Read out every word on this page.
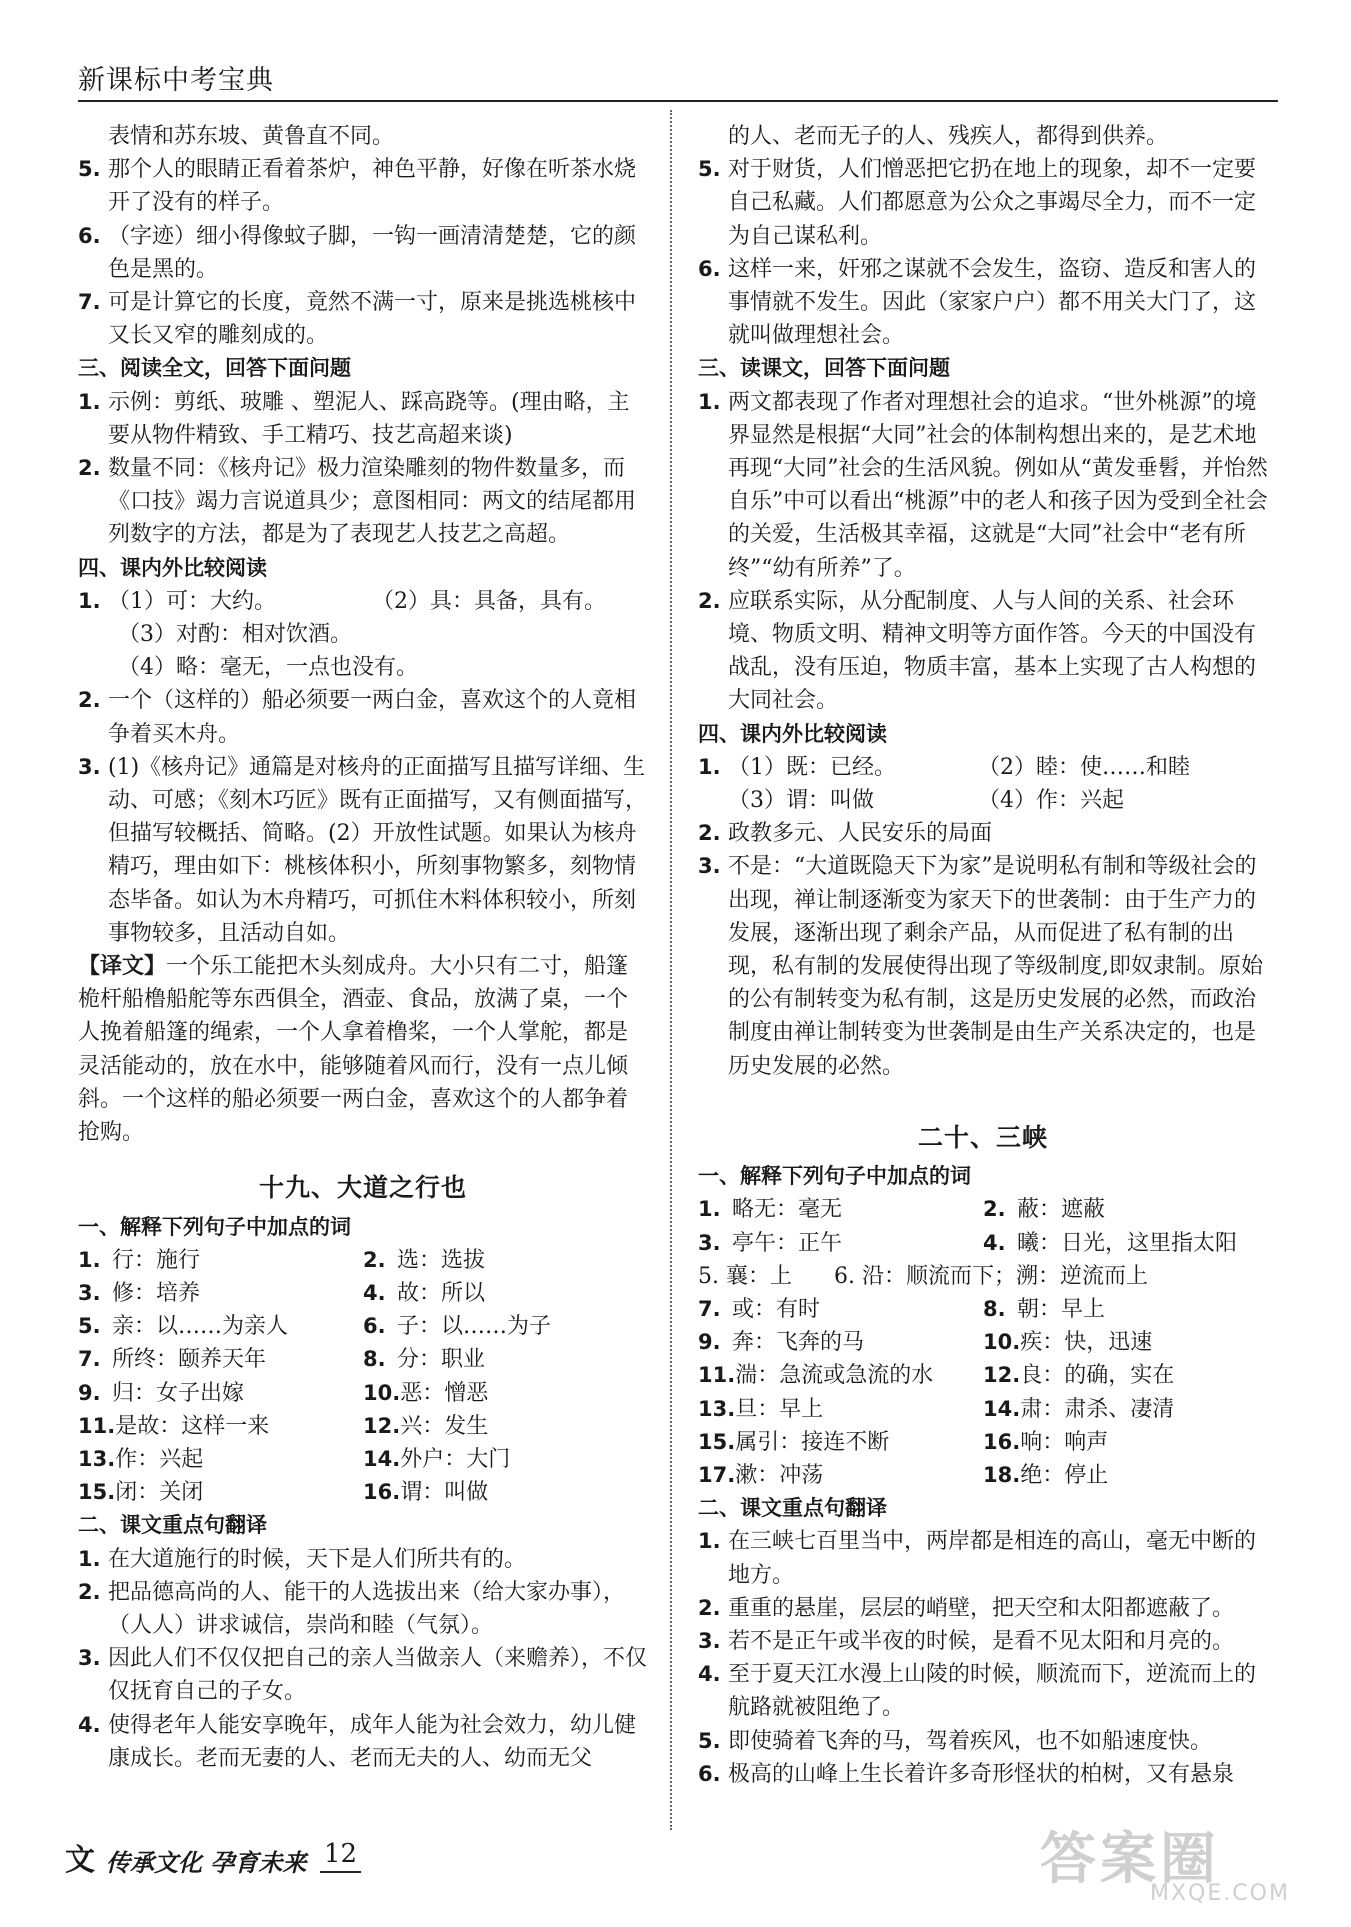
新课标中考宝典
表情和苏东坡、黄鲁直不同。
5. 那个人的眼睛正看着茶炉，神色平静，好像在听茶水烧开了没有的样子。
6. （字迹）细小得像蚊子脚，一钩一画清清楚楚，它的颜色是黑的。
7. 可是计算它的长度，竟然不满一寸，原来是挑选桃核中又长又窄的雕刻成的。
三、阅读全文，回答下面问题
1. 示例：剪纸、玻雕 、塑泥人、踩高跷等。(理由略，主要从物件精致、手工精巧、技艺高超来谈)
2. 数量不同：《核舟记》极力渲染雕刻的物件数量多，而《口技》竭力言说道具少；意图相同：两文的结尾都用列数字的方法，都是为了表现艺人技艺之高超。
四、课内外比较阅读
1. （1）可：大约。	（2）具：具备，具有。
（3）对酌：相对饮酒。
（4）略：毫无，一点也没有。
2. 一个（这样的）船必须要一两白金，喜欢这个的人竟相争着买木舟。
3. (1)《核舟记》通篇是对核舟的正面描写且描写详细、生动、可感；《刻木巧匠》既有正面描写，又有侧面描写，但描写较概括、简略。(2）开放性试题。如果认为核舟精巧，理由如下：桃核体积小，所刻事物繁多，刻物情态毕备。如认为木舟精巧，可抓住木料体积较小，所刻事物较多，且活动自如。
【译文】一个乐工能把木头刻成舟。大小只有二寸，船篷桅杆船橹船舵等东西俱全，酒壶、食品，放满了桌，一个人挽着船篷的绳索，一个人拿着橹桨，一个人掌舵，都是灵活能动的，放在水中，能够随着风而行，没有一点儿倾斜。一个这样的船必须要一两白金，喜欢这个的人都争着抢购。
十九、大道之行也
一、解释下列句子中加点的词
1. 行：施行	2. 选：选拔
3. 修：培养	4. 故：所以
5. 亲：以……为亲人	6. 子：以……为子
7. 所终：颐养天年	8. 分：职业
9. 归：女子出嫁	10. 恶：憎恶
11. 是故：这样一来	12. 兴：发生
13. 作：兴起	14. 外户：大门
15. 闭：关闭	16. 谓：叫做
二、课文重点句翻译
1. 在大道施行的时候，天下是人们所共有的。
2. 把品德高尚的人、能干的人选拔出来（给大家办事），（人人）讲求诚信，崇尚和睦（气氛）。
3. 因此人们不仅仅把自己的亲人当做亲人（来赡养），不仅仅抚育自己的子女。
4. 使得老年人能安享晚年，成年人能为社会效力，幼儿健康成长。老而无妻的人、老而无夫的人、幼而无父
的人、老而无子的人、残疾人，都得到供养。
5. 对于财货，人们憎恶把它扔在地上的现象，却不一定要自己私藏。人们都愿意为公众之事竭尽全力，而不一定为自己谋私利。
6. 这样一来，奸邪之谋就不会发生，盗窃、造反和害人的事情就不发生。因此（家家户户）都不用关大门了，这就叫做理想社会。
三、读课文，回答下面问题
1. 两文都表现了作者对理想社会的追求。“世外桃源”的境界显然是根据“大同”社会的体制构想出来的，是艺术地再现“大同”社会的生活风貌。例如从“黄发垂髫，并怡然自乐”中可以看出“桃源”中的老人和孩子因为受到全社会的关爱，生活极其幸福，这就是“大同”社会中“老有所终”“幼有所养”了。
2. 应联系实际，从分配制度、人与人间的关系、社会环境、物质文明、精神文明等方面作答。今天的中国没有战乱，没有压迫，物质丰富，基本上实现了古人构想的大同社会。
四、课内外比较阅读
1. （1）既：已经。	（2）睦：使……和睦
（3）谓：叫做	（4）作：兴起
2. 政教多元、人民安乐的局面
3. 不是：“大道既隐天下为家”是说明私有制和等级社会的出现，禅让制逐渐变为家天下的世袭制：由于生产力的发展，逐渐出现了剩余产品，从而促进了私有制的出现，私有制的发展使得出现了等级制度,即奴隶制。原始的公有制转变为私有制，这是历史发展的必然，而政治制度由禅让制转变为世袭制是由生产关系决定的，也是历史发展的必然。
二十、三峡
一、解释下列句子中加点的词
1. 略无：毫无	2. 蔽：遮蔽
3. 亭午：正午	4. 曦：日光，这里指太阳
5. 襄：上	6. 沿：顺流而下；溯：逆流而上
7. 或：有时	8. 朝：早上
9. 奔：飞奔的马	10. 疾：快，迅速
11. 湍：急流或急流的水 12. 良：的确，实在
13. 旦：早上	14. 肃：肃杀、凄清
15. 属引：接连不断	16. 响：响声
17. 漱：冲荡	18. 绝：停止
二、课文重点句翻译
1. 在三峡七百里当中，两岸都是相连的高山，毫无中断的地方。
2. 重重的悬崖，层层的峭壁，把天空和太阳都遮蔽了。
3. 若不是正午或半夜的时候，是看不见太阳和月亮的。
4. 至于夏天江水漫上山陵的时候，顺流而下，逆流而上的航路就被阻绝了。
5. 即使骑着飞奔的马，驾着疾风，也不如船速度快。
6. 极高的山峰上生长着许多奇形怪状的柏树，又有悬泉
文 传承文化 孕育未来 12	答案圈
MXQE.COM
